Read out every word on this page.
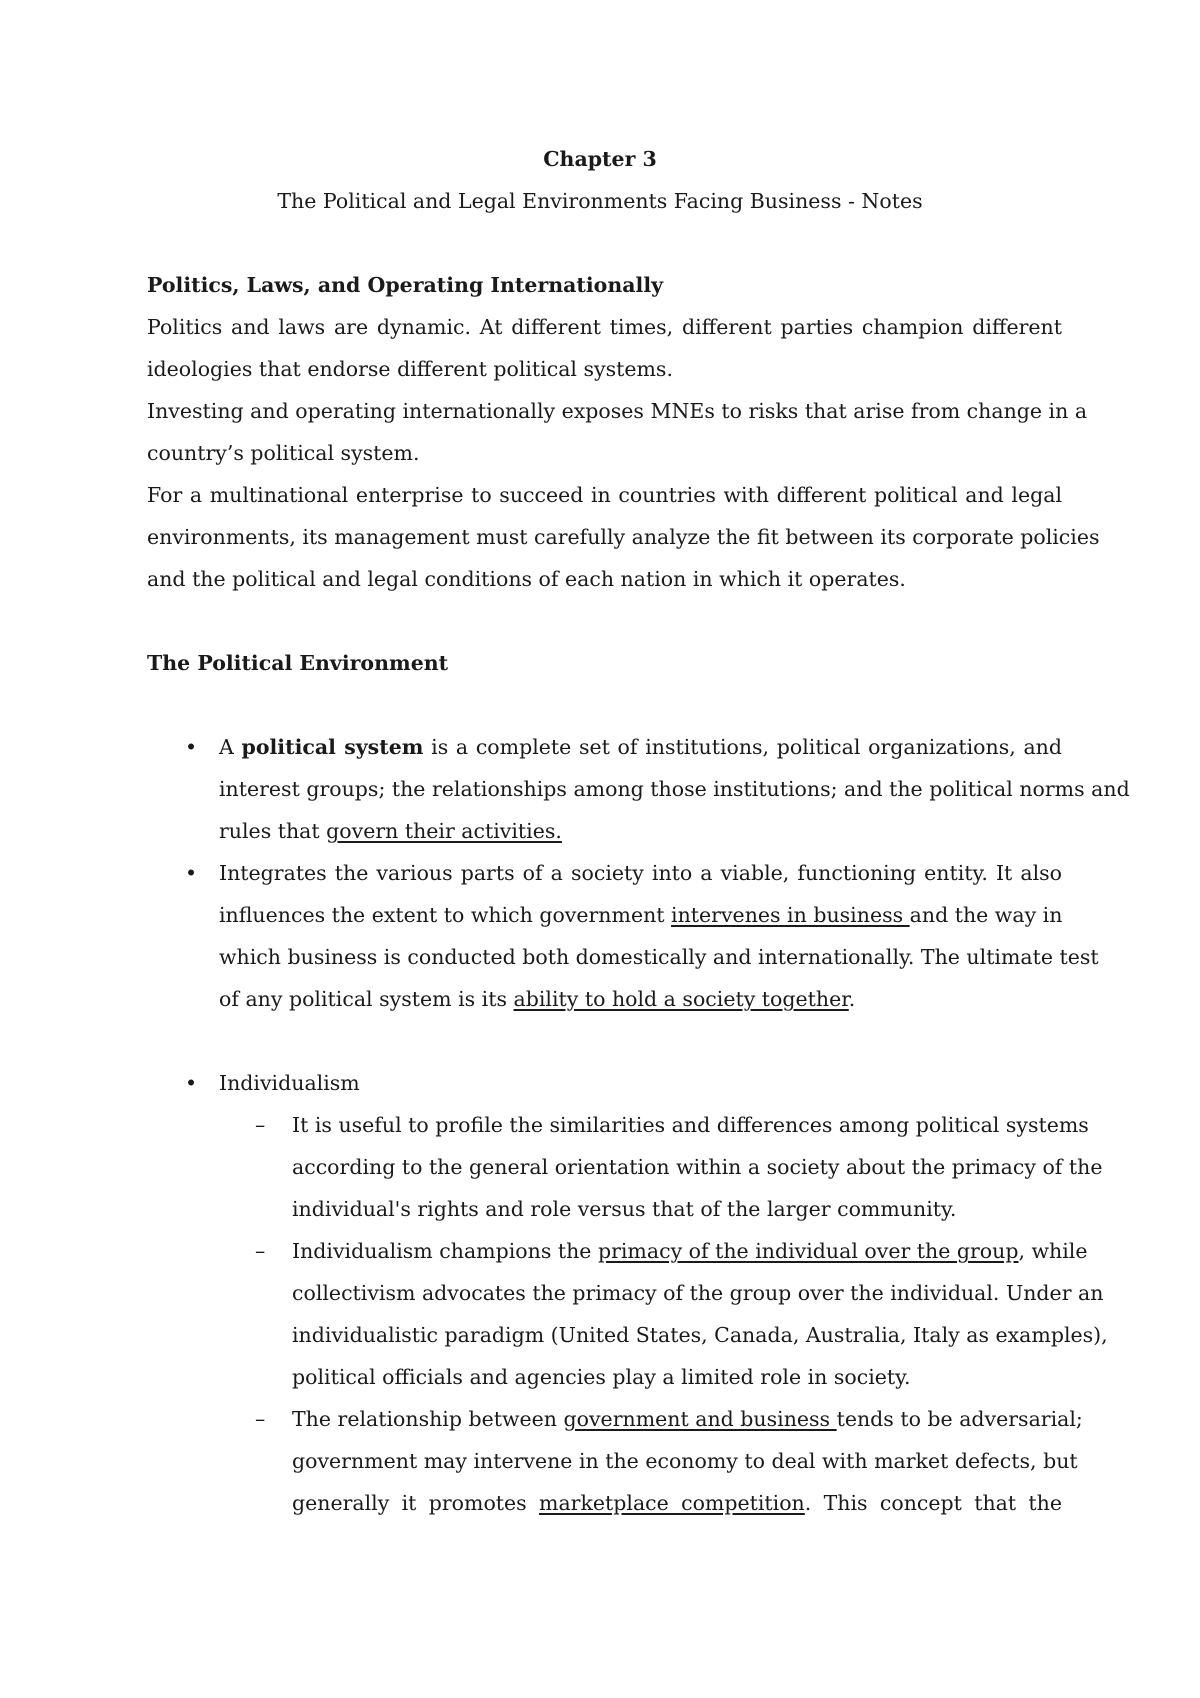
Chapter 3
The Political and Legal Environments Facing Business - Notes
Politics, Laws, and Operating Internationally
Politics and laws are dynamic. At different times, different parties champion different
ideologies that endorse different political systems.
Investing and operating internationally exposes MNEs to risks that arise from change in a
country’s political system.
For a multinational enterprise to succeed in countries with different political and legal
environments, its management must carefully analyze the fit between its corporate policies
and the political and legal conditions of each nation in which it operates.
The Political Environment
• A political system is a complete set of institutions, political organizations, and
interest groups; the relationships among those institutions; and the political norms and
rules that govern their activities.
• Integrates the various parts of a society into a viable, functioning entity. It also
influences the extent to which government intervenes in business and the way in
which business is conducted both domestically and internationally. The ultimate test
of any political system is its ability to hold a society together.
• Individualism
– It is useful to profile the similarities and differences among political systems
according to the general orientation within a society about the primacy of the
individual's rights and role versus that of the larger community.
– Individualism champions the primacy of the individual over the group, while
collectivism advocates the primacy of the group over the individual. Under an
individualistic paradigm (United States, Canada, Australia, Italy as examples),
political officials and agencies play a limited role in society.
– The relationship between government and business tends to be adversarial;
government may intervene in the economy to deal with market defects, but
generally it promotes marketplace competition. This concept that the
